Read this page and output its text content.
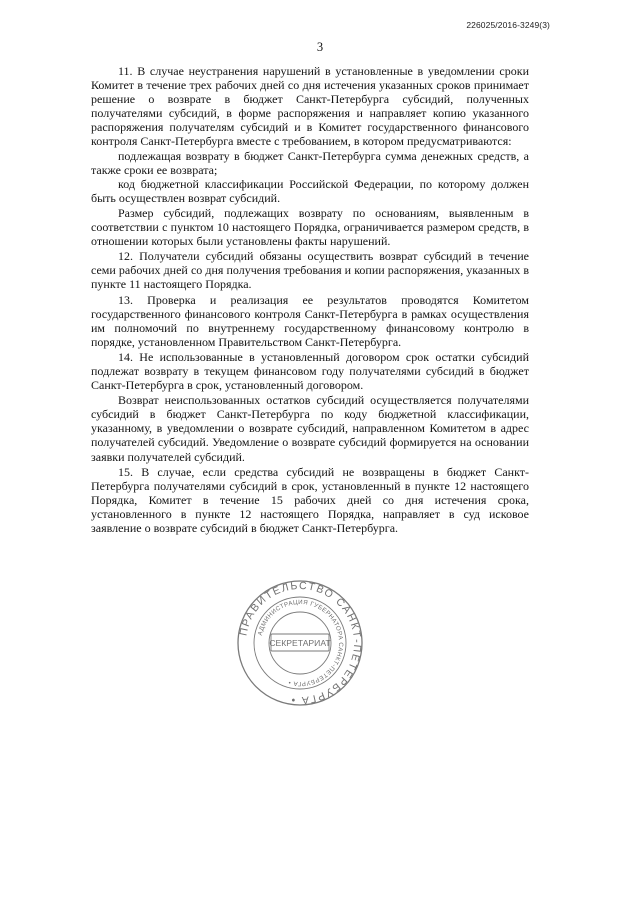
226025/2016-3249(3)
3

11. В случае неустранения нарушений в установленные в уведомлении сроки Комитет в течение трех рабочих дней со дня истечения указанных сроков принимает решение о возврате в бюджет Санкт-Петербурга субсидий, полученных получателями субсидий, в форме распоряжения и направляет копию указанного распоряжения получателям субсидий и в Комитет государственного финансового контроля Санкт-Петербурга вместе с требованием, в котором предусматриваются:

подлежащая возврату в бюджет Санкт-Петербурга сумма денежных средств, а также сроки ее возврата;

код бюджетной классификации Российской Федерации, по которому должен быть осуществлен возврат субсидий.

Размер субсидий, подлежащих возврату по основаниям, выявленным в соответствии с пунктом 10 настоящего Порядка, ограничивается размером средств, в отношении которых были установлены факты нарушений.

12. Получатели субсидий обязаны осуществить возврат субсидий в течение семи рабочих дней со дня получения требования и копии распоряжения, указанных в пункте 11 настоящего Порядка.

13. Проверка и реализация ее результатов проводятся Комитетом государственного финансового контроля Санкт-Петербурга в рамках осуществления им полномочий по внутреннему государственному финансовому контролю в порядке, установленном Правительством Санкт-Петербурга.

14. Не использованные в установленный договором срок остатки субсидий подлежат возврату в текущем финансовом году получателями субсидий в бюджет Санкт-Петербурга в срок, установленный договором.

Возврат неиспользованных остатков субсидий осуществляется получателями субсидий в бюджет Санкт-Петербурга по коду бюджетной классификации, указанному, в уведомлении о возврате субсидий, направленном Комитетом в адрес получателей субсидий. Уведомление о возврате субсидий формируется на основании заявки получателей субсидий.

15. В случае, если средства субсидий не возвращены в бюджет Санкт-Петербурга получателями субсидий в срок, установленный в пункте 12 настоящего Порядка, Комитет в течение 15 рабочих дней со дня истечения срока, установленного в пункте 12 настоящего Порядка, направляет в суд исковое заявление о возврате субсидий в бюджет Санкт-Петербурга.

ПРАВИТЕЛЬСТВО САНКТ-ПЕТЕРБУРГА •
АДМИНИСТРАЦИЯ ГУБЕРНАТОРА САНКТ-ПЕТЕРБУРГА •
СЕКРЕТАРИАТ
